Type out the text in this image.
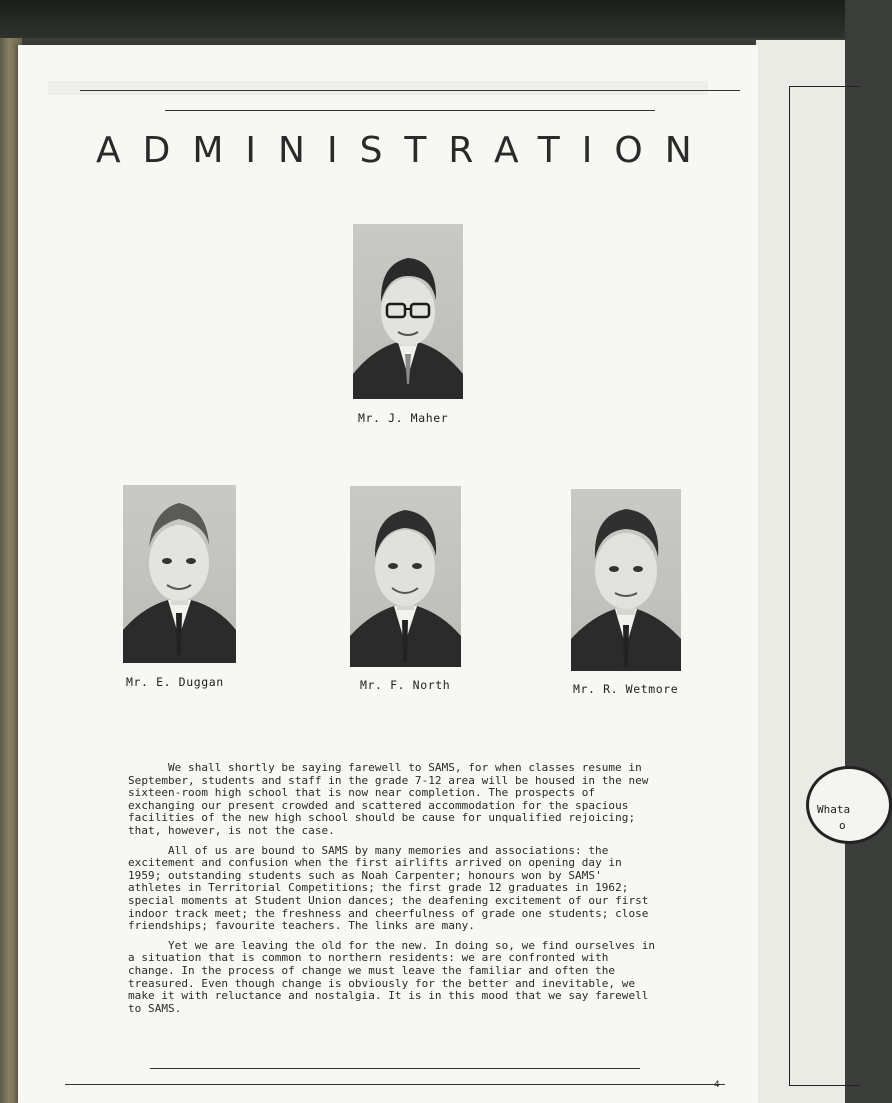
Whata
o
ADMINISTRATION
Mr. J. Maher
Mr. E. Duggan	Mr. F. North	Mr. R. Wetmore

We shall shortly be saying farewell to SAMS, for when classes resume in September, students and staff in the grade 7-12 area will be housed in the new sixteen-room high school that is now near completion. The prospects of exchanging our present crowded and scattered accommodation for the spacious facilities of the new high school should be cause for unqualified rejoicing; that, however, is not the case.

All of us are bound to SAMS by many memories and associations: the excitement and confusion when the first airlifts arrived on opening day in 1959; outstanding students such as Noah Carpenter; honours won by SAMS' athletes in Territorial Competitions; the first grade 12 graduates in 1962; special moments at Student Union dances; the deafening excitement of our first indoor track meet; the freshness and cheerfulness of grade one students; close friendships; favourite teachers. The links are many.

Yet we are leaving the old for the new. In doing so, we find ourselves in a situation that is common to northern residents: we are confronted with change. In the process of change we must leave the familiar and often the treasured. Even though change is obviously for the better and inevitable, we make it with reluctance and nostalgia. It is in this mood that we say farewell to SAMS.

4
